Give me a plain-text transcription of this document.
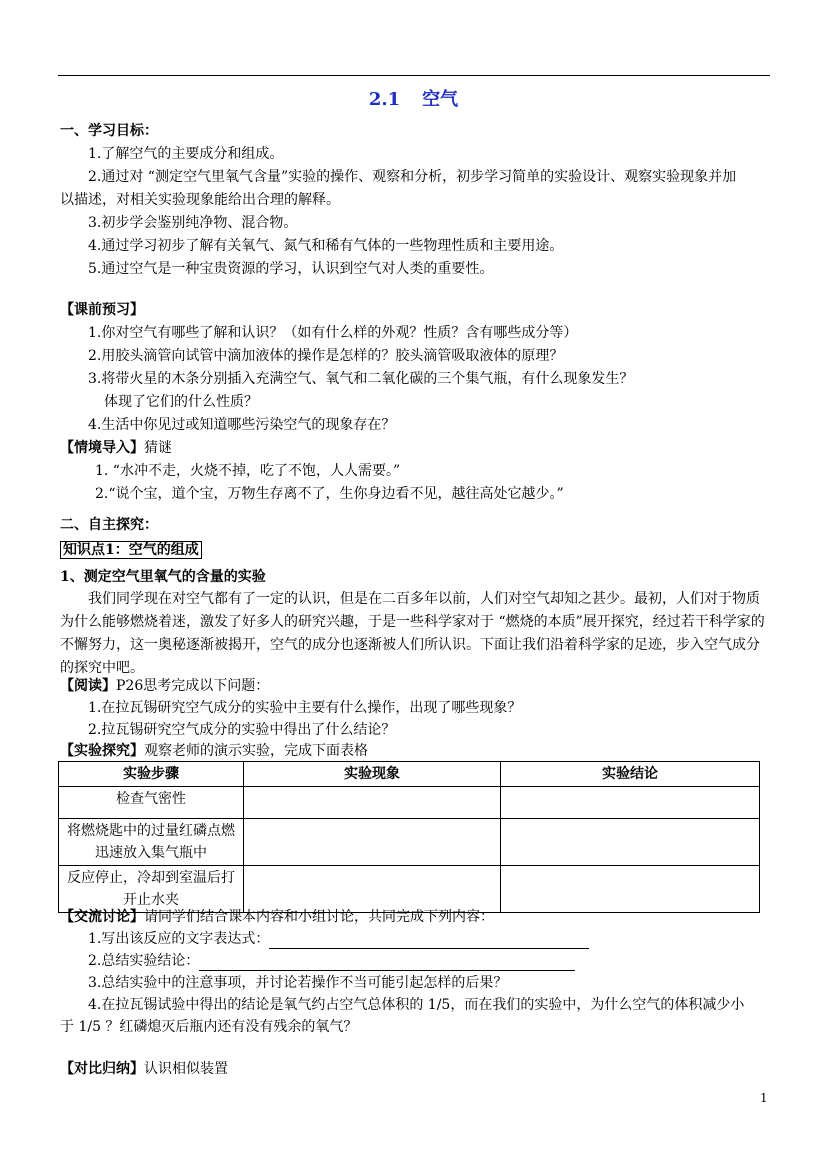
2.1 空气
一、学习目标：
1.了解空气的主要成分和组成。
2.通过对 “测定空气里氧气含量”实验的操作、观察和分析，初步学习简单的实验设计、观察实验现象并加
以描述，对相关实验现象能给出合理的解释。
3.初步学会鉴别纯净物、混合物。
4.通过学习初步了解有关氧气、氮气和稀有气体的一些物理性质和主要用途。
5.通过空气是一种宝贵资源的学习，认识到空气对人类的重要性。
【课前预习】
1.你对空气有哪些了解和认识？（如有什么样的外观？性质？含有哪些成分等）
2.用胶头滴管向试管中滴加液体的操作是怎样的？胶头滴管吸取液体的原理？
3.将带火星的木条分别插入充满空气、氧气和二氧化碳的三个集气瓶，有什么现象发生？
体现了它们的什么性质？
4.生活中你见过或知道哪些污染空气的现象存在？
【情境导入】猜谜
1. “水冲不走，火烧不掉，吃了不饱，人人需要。”
2.“说个宝，道个宝，万物生存离不了，生你身边看不见，越往高处它越少。”
二、自主探究：
知识点1：空气的组成
1、测定空气里氧气的含量的实验
我们同学现在对空气都有了一定的认识，但是在二百多年以前，人们对空气却知之甚少。最初，人们对于物质为什么能够燃烧着迷，激发了好多人的研究兴趣，于是一些科学家对于 “燃烧的本质”展开探究，经过若干科学家的不懈努力，这一奥秘逐渐被揭开，空气的成分也逐渐被人们所认识。下面让我们沿着科学家的足迹，步入空气成分的探究中吧。
【阅读】P26思考完成以下问题：
1.在拉瓦锡研究空气成分的实验中主要有什么操作，出现了哪些现象？
2.拉瓦锡研究空气成分的实验中得出了什么结论？
【实验探究】观察老师的演示实验，完成下面表格
实验步骤	实验现象	实验结论
检查气密性		
将燃烧匙中的过量红磷点燃迅速放入集气瓶中		
反应停止，冷却到室温后打开止水夹		
【交流讨论】请同学们结合课本内容和小组讨论，共同完成下列内容：
1.写出该反应的文字表达式：
2.总结实验结论：
3.总结实验中的注意事项，并讨论若操作不当可能引起怎样的后果？
4.在拉瓦锡试验中得出的结论是氧气约占空气总体积的 1/5，而在我们的实验中，为什么空气的体积减少小
于 1/5 ？红磷熄灭后瓶内还有没有残余的氧气？
【对比归纳】认识相似装置
1
